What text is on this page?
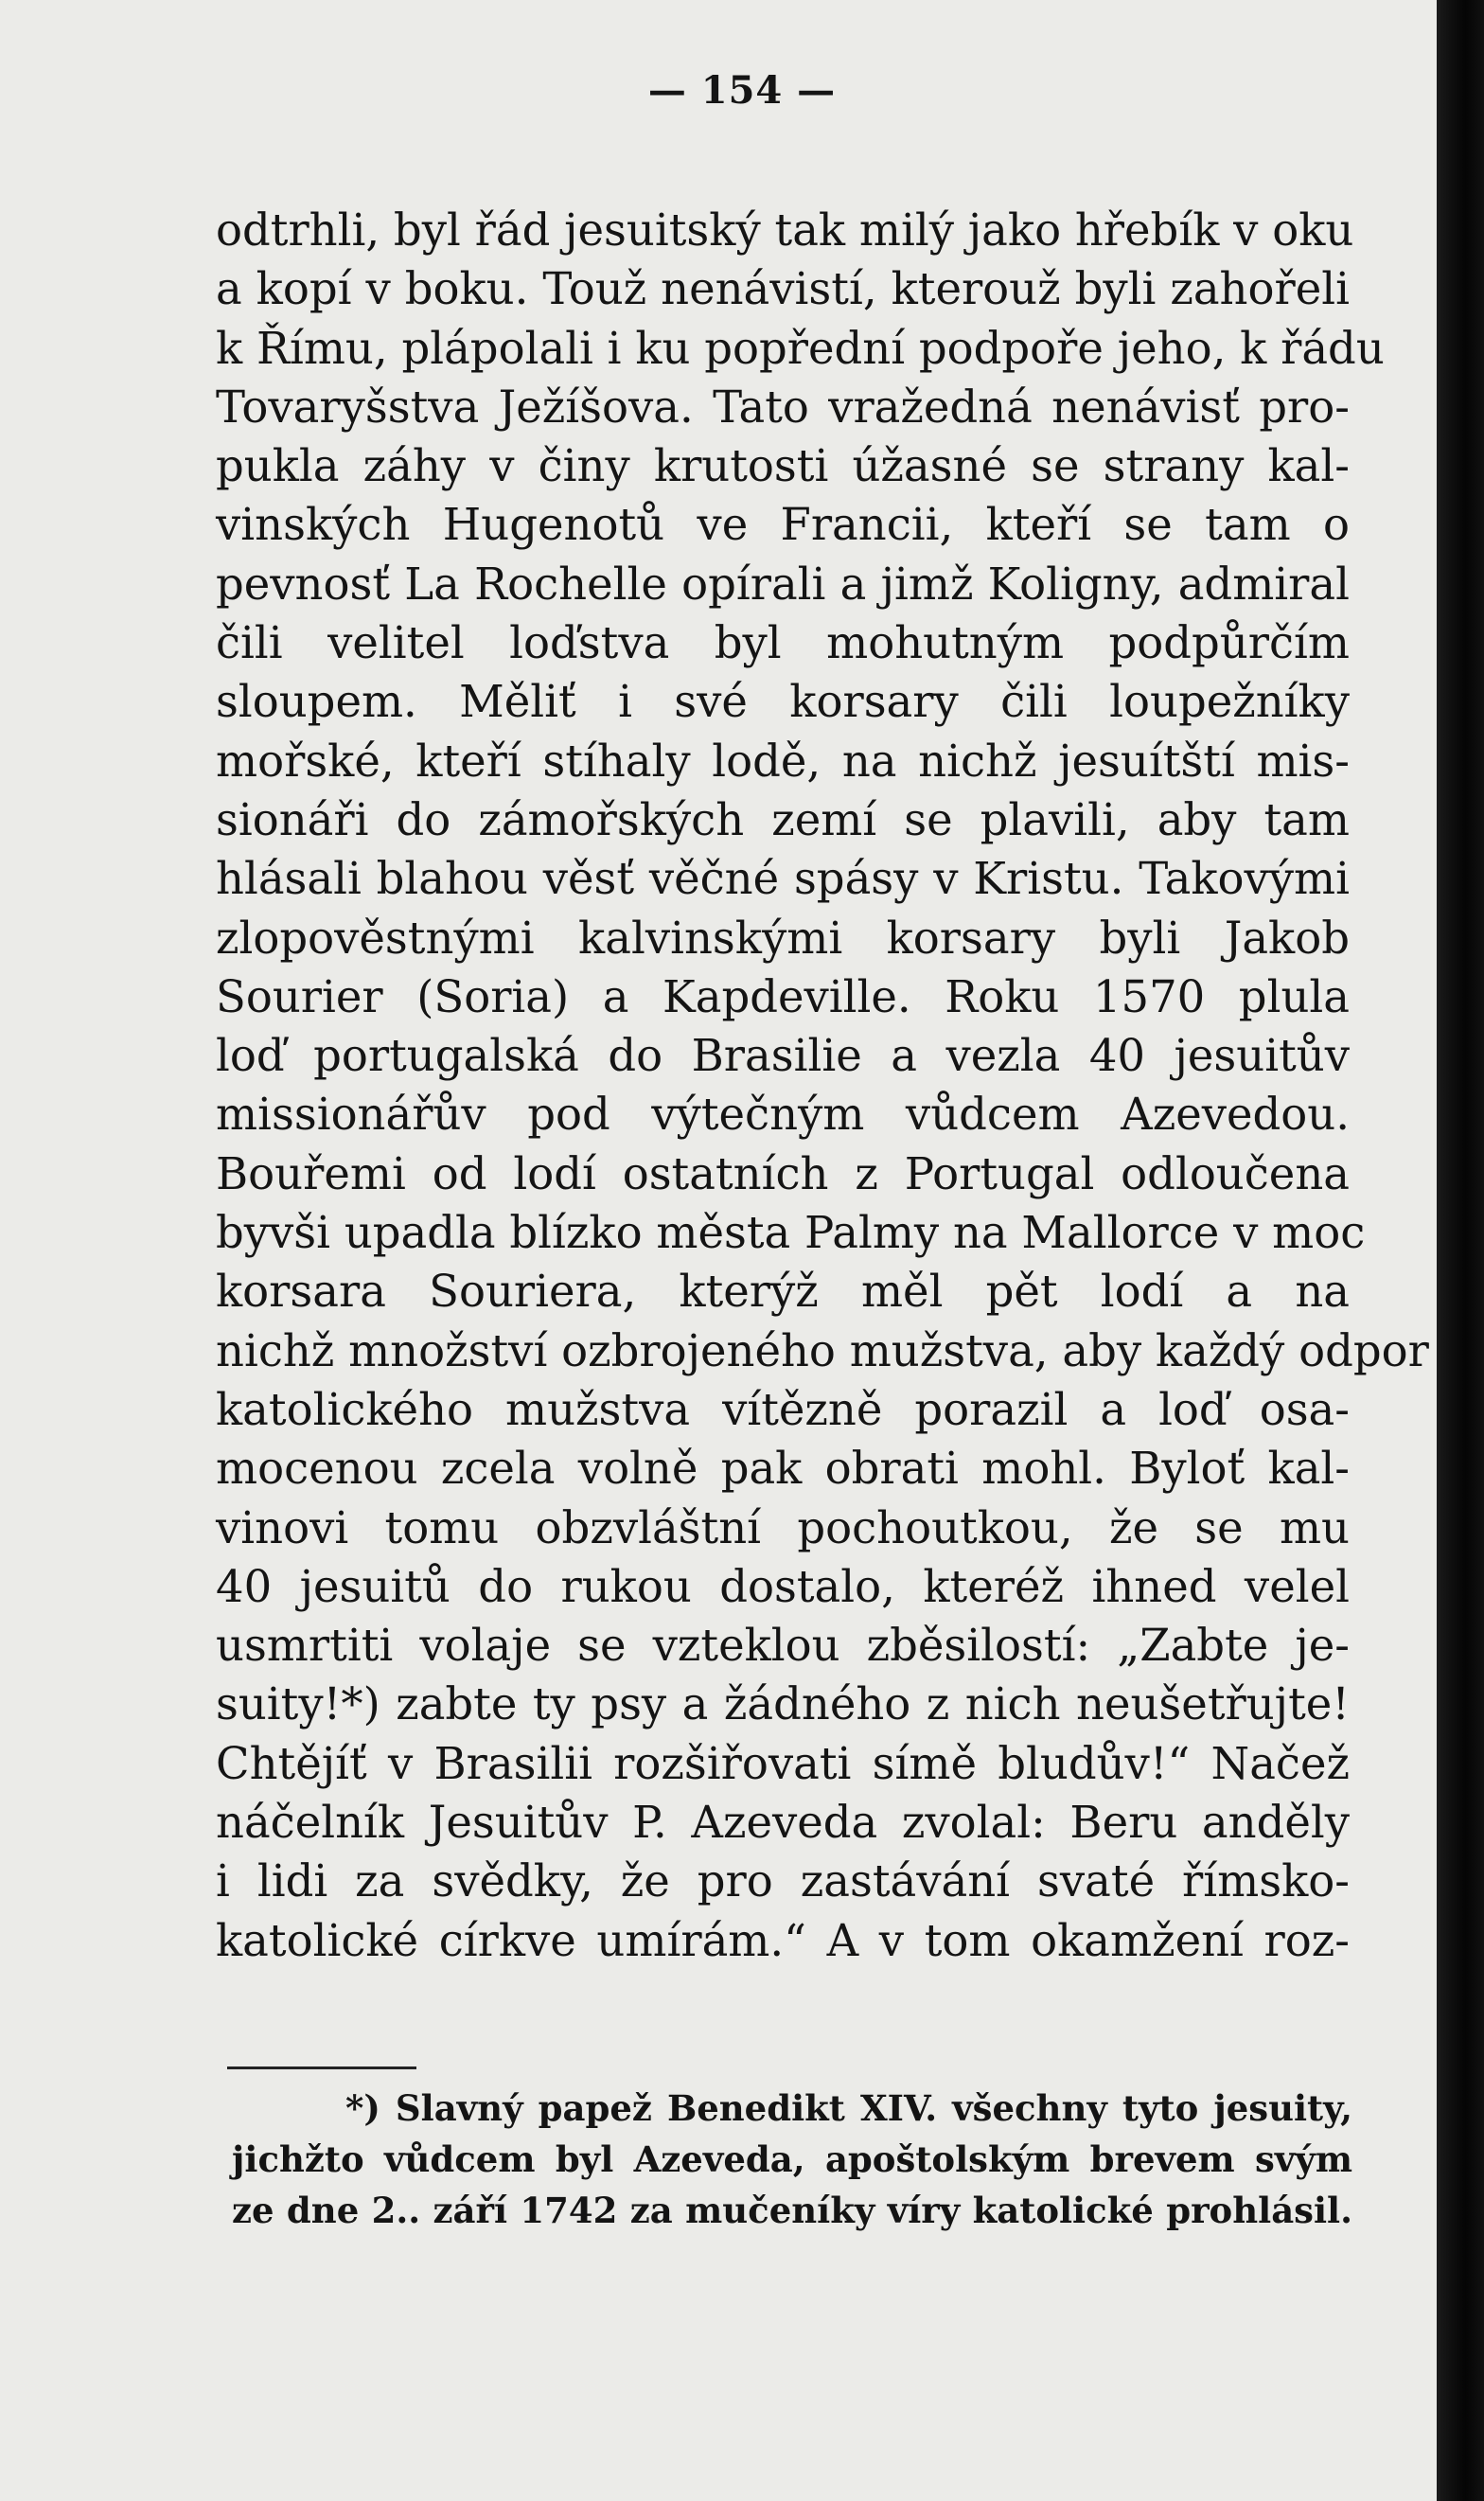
— 154 —
odtrhli, byl řád jesuitský tak milý jako hřebík v oku
a kopí v boku. Touž nenávistí, kterouž byli zahořeli
k Římu, plápolali i ku popřední podpoře jeho, k řádu
Tovaryšstva Ježíšova. Tato vražedná nenávisť pro-
pukla záhy v činy krutosti úžasné se strany kal-
vinských Hugenotů ve Francii, kteří se tam o
pevnosť La Rochelle opírali a jimž Koligny, admiral
čili velitel loďstva byl mohutným podpůrčím
sloupem. Měliť i své korsary čili loupežníky
mořské, kteří stíhaly lodě, na nichž jesuítští mis-
sionáři do zámořských zemí se plavili, aby tam
hlásali blahou věsť věčné spásy v Kristu. Takovými
zlopověstnými kalvinskými korsary byli Jakob
Sourier (Soria) a Kapdeville. Roku 1570 plula
loď portugalská do Brasilie a vezla 40 jesuitův
missionářův pod výtečným vůdcem Azevedou.
Bouřemi od lodí ostatních z Portugal odloučena
byvši upadla blízko města Palmy na Mallorce v moc
korsara Souriera, kterýž měl pět lodí a na
nichž množství ozbrojeného mužstva, aby každý odpor
katolického mužstva vítězně porazil a loď osa-
mocenou zcela volně pak obrati mohl. Byloť kal-
vinovi tomu obzvláštní pochoutkou, že se mu
40 jesuitů do rukou dostalo, kteréž ihned velel
usmrtiti volaje se vzteklou zběsilostí: „Zabte je-
suity!*) zabte ty psy a žádného z nich neušetřujte!
Chtějíť v Brasilii rozšiřovati símě bludův!“ Načež
náčelník Jesuitův P. Azeveda zvolal: Beru anděly
i lidi za svědky, že pro zastávání svaté římsko-
katolické církve umírám.“ A v tom okamžení roz-
*) Slavný papež Benedikt XIV. všechny tyto jesuity,
jichžto vůdcem byl Azeveda, apoštolským brevem svým
ze dne 2.. září 1742 za mučeníky víry katolické prohlásil.
